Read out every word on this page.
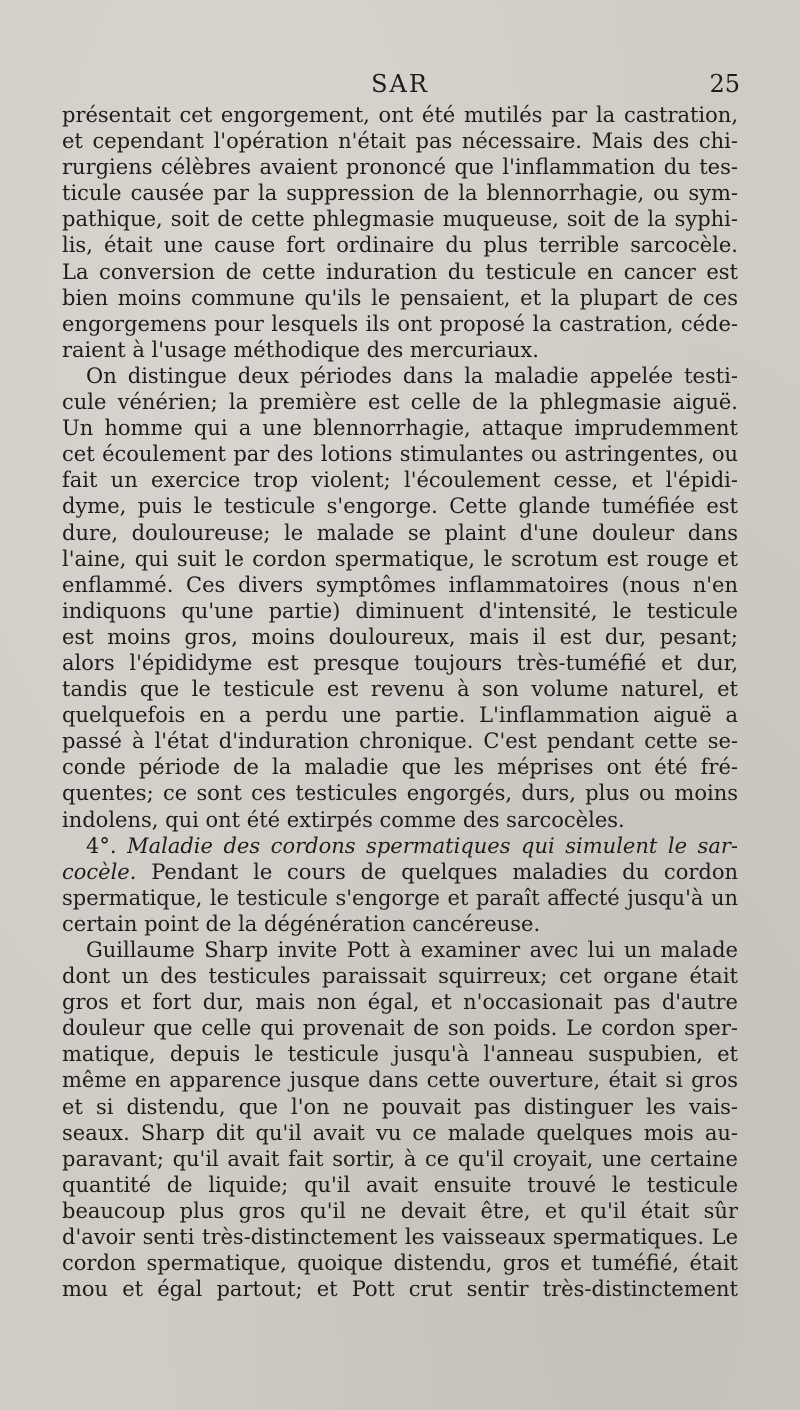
SAR	25
présentait cet engorgement, ont été mutilés par la castration,
et cependant l'opération n'était pas nécessaire. Mais des chi-
rurgiens célèbres avaient prononcé que l'inflammation du tes-
ticule causée par la suppression de la blennorrhagie, ou sym-
pathique, soit de cette phlegmasie muqueuse, soit de la syphi-
lis, était une cause fort ordinaire du plus terrible sarcocèle.
La conversion de cette induration du testicule en cancer est
bien moins commune qu'ils le pensaient, et la plupart de ces
engorgemens pour lesquels ils ont proposé la castration, céde-
raient à l'usage méthodique des mercuriaux.
On distingue deux périodes dans la maladie appelée testi-
cule vénérien; la première est celle de la phlegmasie aiguë.
Un homme qui a une blennorrhagie, attaque imprudemment
cet écoulement par des lotions stimulantes ou astringentes, ou
fait un exercice trop violent; l'écoulement cesse, et l'épidi-
dyme, puis le testicule s'engorge. Cette glande tuméfiée est
dure, douloureuse; le malade se plaint d'une douleur dans
l'aine, qui suit le cordon spermatique, le scrotum est rouge et
enflammé. Ces divers symptômes inflammatoires (nous n'en
indiquons qu'une partie) diminuent d'intensité, le testicule
est moins gros, moins douloureux, mais il est dur, pesant;
alors l'épididyme est presque toujours très-tuméfié et dur,
tandis que le testicule est revenu à son volume naturel, et
quelquefois en a perdu une partie. L'inflammation aiguë a
passé à l'état d'induration chronique. C'est pendant cette se-
conde période de la maladie que les méprises ont été fré-
quentes; ce sont ces testicules engorgés, durs, plus ou moins
indolens, qui ont été extirpés comme des sarcocèles.
4°. Maladie des cordons spermatiques qui simulent le sar-
cocèle. Pendant le cours de quelques maladies du cordon
spermatique, le testicule s'engorge et paraît affecté jusqu'à un
certain point de la dégénération cancéreuse.
Guillaume Sharp invite Pott à examiner avec lui un malade
dont un des testicules paraissait squirreux; cet organe était
gros et fort dur, mais non égal, et n'occasionait pas d'autre
douleur que celle qui provenait de son poids. Le cordon sper-
matique, depuis le testicule jusqu'à l'anneau suspubien, et
même en apparence jusque dans cette ouverture, était si gros
et si distendu, que l'on ne pouvait pas distinguer les vais-
seaux. Sharp dit qu'il avait vu ce malade quelques mois au-
paravant; qu'il avait fait sortir, à ce qu'il croyait, une certaine
quantité de liquide; qu'il avait ensuite trouvé le testicule
beaucoup plus gros qu'il ne devait être, et qu'il était sûr
d'avoir senti très-distinctement les vaisseaux spermatiques. Le
cordon spermatique, quoique distendu, gros et tuméfié, était
mou et égal partout; et Pott crut sentir très-distinctement
